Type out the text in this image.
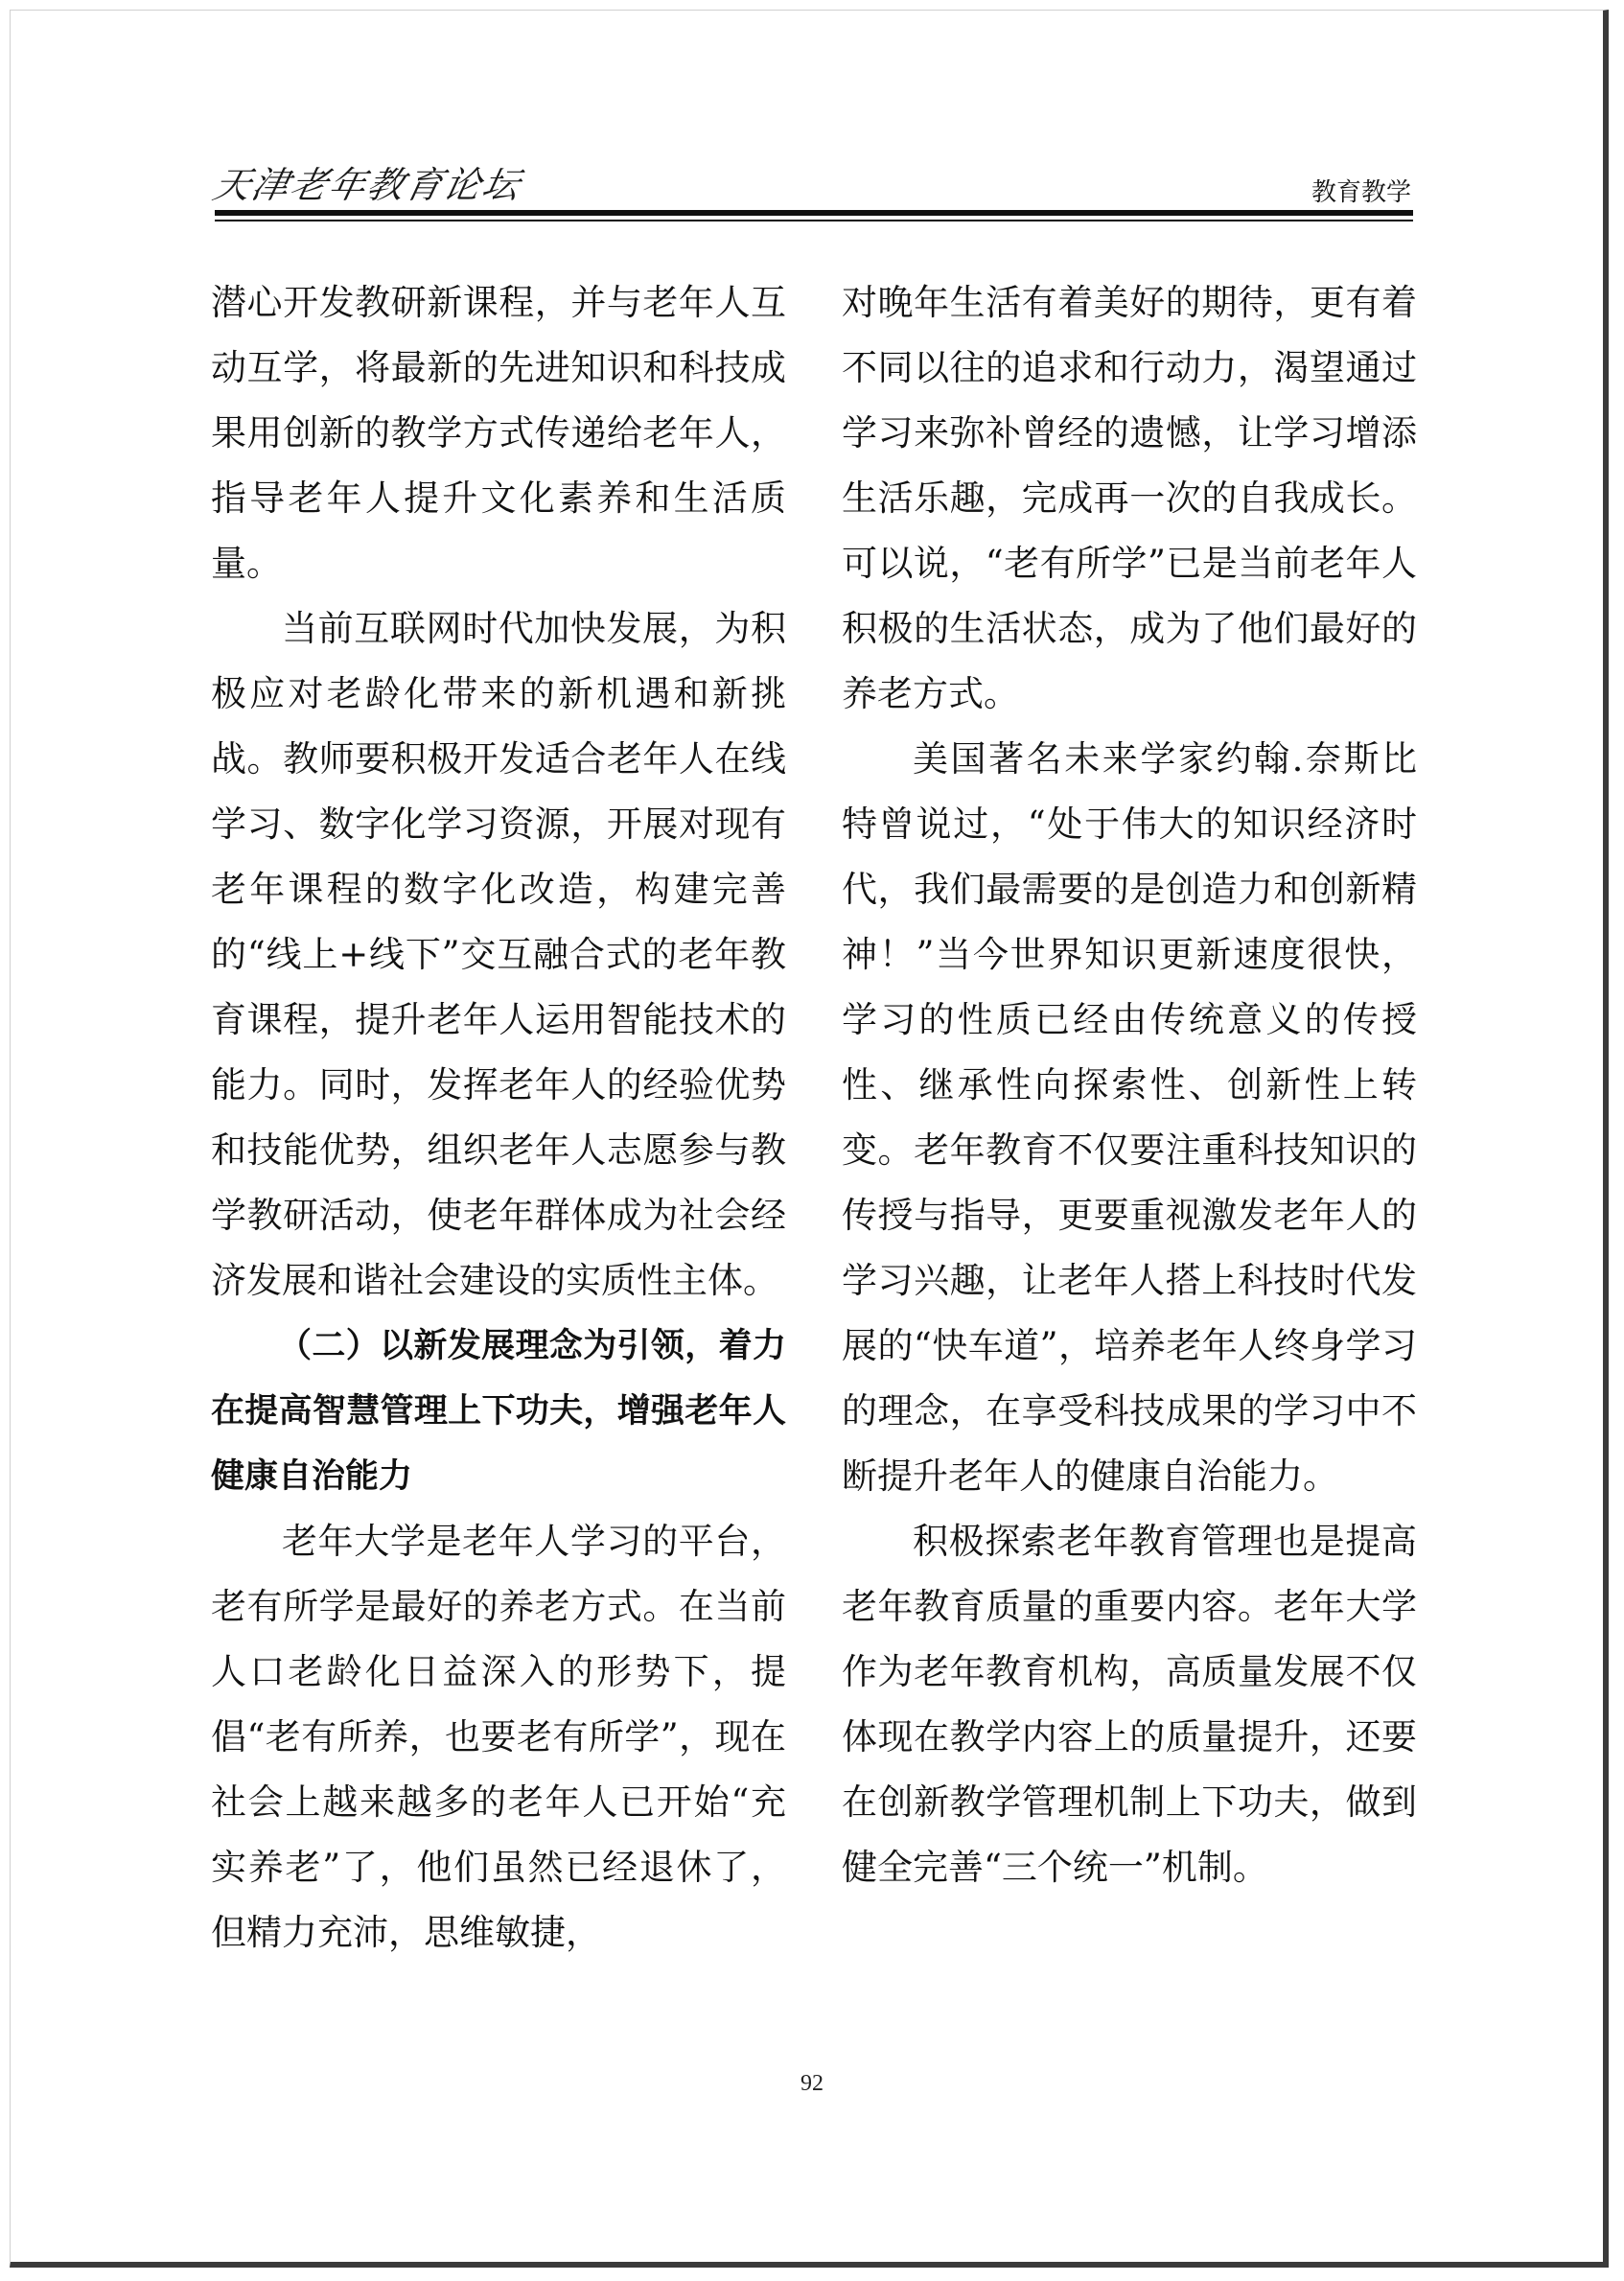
天津老年教育论坛	教育教学

潜心开发教研新课程，并与老年人互动互学，将最新的先进知识和科技成果用创新的教学方式传递给老年人，指导老年人提升文化素养和生活质量。

当前互联网时代加快发展，为积极应对老龄化带来的新机遇和新挑战。教师要积极开发适合老年人在线学习、数字化学习资源，开展对现有老年课程的数字化改造，构建完善的“线上+线下”交互融合式的老年教育课程，提升老年人运用智能技术的能力。同时，发挥老年人的经验优势和技能优势，组织老年人志愿参与教学教研活动，使老年群体成为社会经济发展和谐社会建设的实质性主体。

（二）以新发展理念为引领，着力在提高智慧管理上下功夫，增强老年人健康自治能力

老年大学是老年人学习的平台，老有所学是最好的养老方式。在当前人口老龄化日益深入的形势下，提倡“老有所养，也要老有所学”，现在社会上越来越多的老年人已开始“充实养老”了，他们虽然已经退休了，但精力充沛，思维敏捷，

对晚年生活有着美好的期待，更有着不同以往的追求和行动力，渴望通过学习来弥补曾经的遗憾，让学习增添生活乐趣，完成再一次的自我成长。可以说，“老有所学”已是当前老年人积极的生活状态，成为了他们最好的养老方式。

美国著名未来学家约翰.奈斯比特曾说过，“处于伟大的知识经济时代，我们最需要的是创造力和创新精神！”当今世界知识更新速度很快，学习的性质已经由传统意义的传授性、继承性向探索性、创新性上转变。老年教育不仅要注重科技知识的传授与指导，更要重视激发老年人的学习兴趣，让老年人搭上科技时代发展的“快车道”，培养老年人终身学习的理念，在享受科技成果的学习中不断提升老年人的健康自治能力。

积极探索老年教育管理也是提高老年教育质量的重要内容。老年大学作为老年教育机构，高质量发展不仅体现在教学内容上的质量提升，还要在创新教学管理机制上下功夫，做到健全完善“三个统一”机制。

92
